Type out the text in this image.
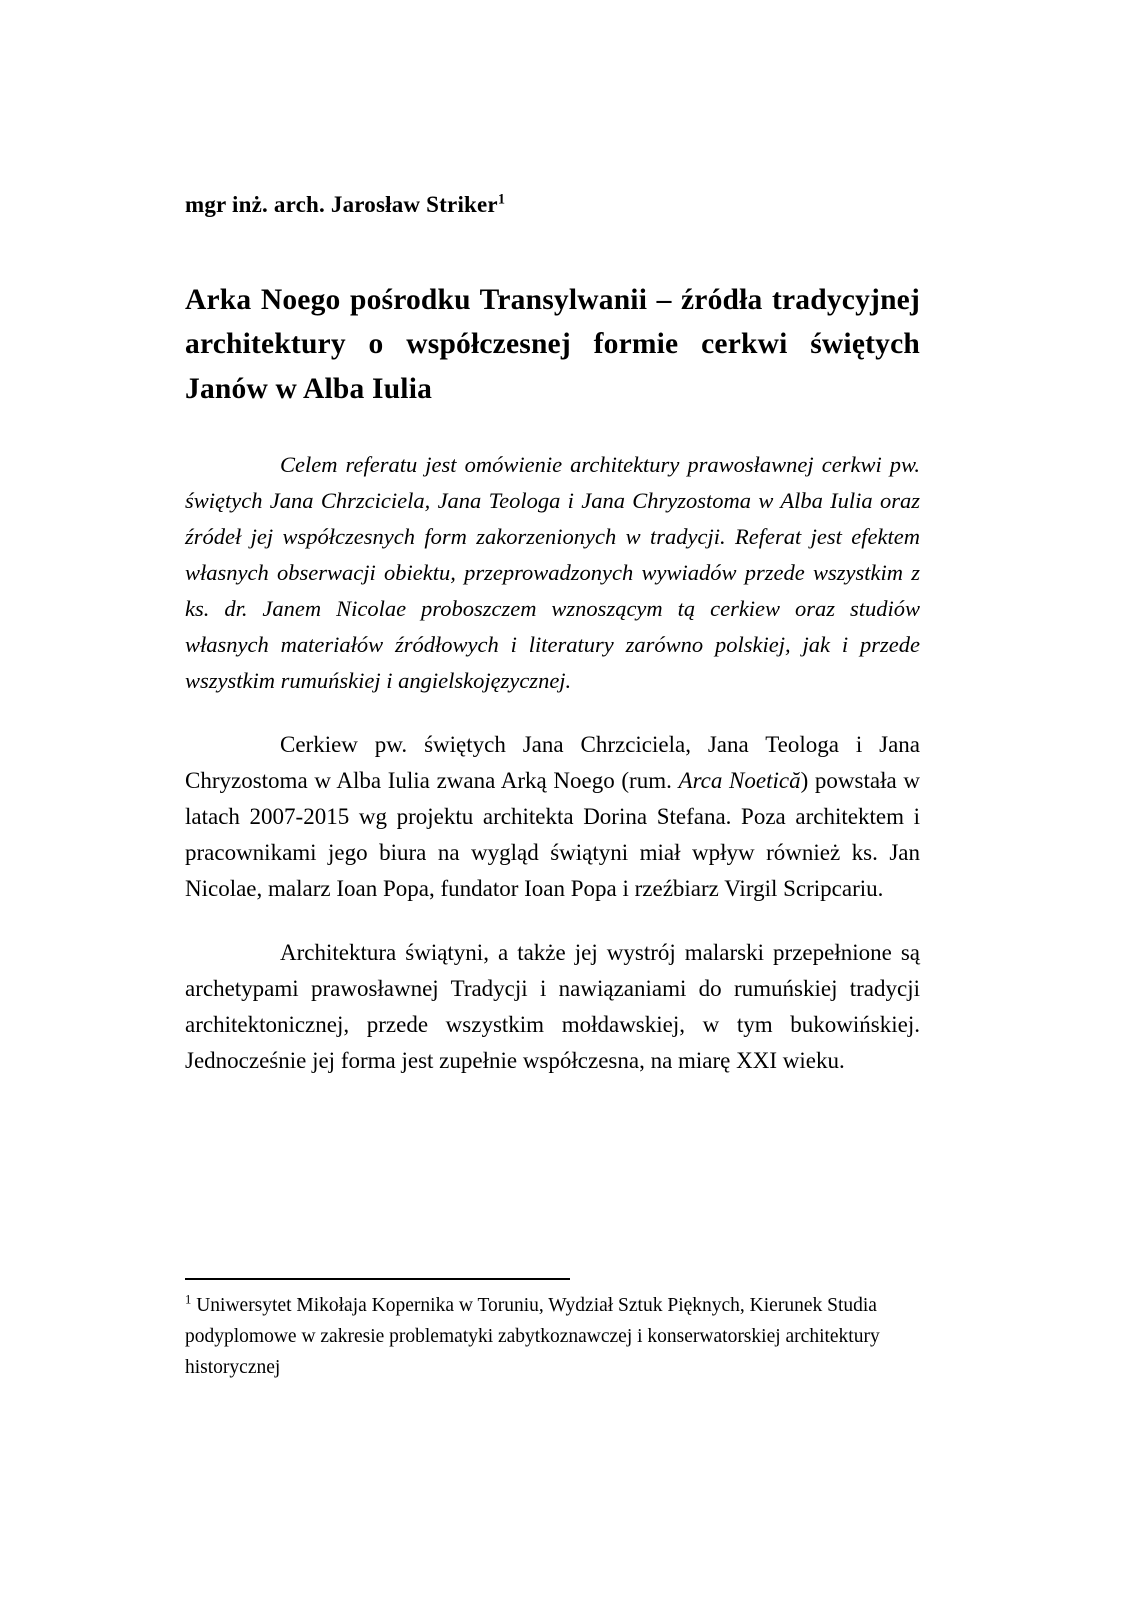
mgr inż. arch. Jarosław Striker$^1$

Arka Noego pośrodku Transylwanii – źródła tradycyjnej architektury o współczesnej formie cerkwi świętych Janów w Alba Iulia

Celem referatu jest omówienie architektury prawosławnej cerkwi pw. świętych Jana Chrzciciela, Jana Teologa i Jana Chryzostoma w Alba Iulia oraz źródeł jej współczesnych form zakorzenionych w tradycji. Referat jest efektem własnych obserwacji obiektu, przeprowadzonych wywiadów przede wszystkim z ks. dr. Janem Nicolae proboszczem wznoszącym tą cerkiew oraz studiów własnych materiałów źródłowych i literatury zarówno polskiej, jak i przede wszystkim rumuńskiej i angielskojęzycznej.

Cerkiew pw. świętych Jana Chrzciciela, Jana Teologa i Jana Chryzostoma w Alba Iulia zwana Arką Noego (rum. Arca Noetică) powstała w latach 2007-2015 wg projektu architekta Dorina Stefana. Poza architektem i pracownikami jego biura na wygląd świątyni miał wpływ również ks. Jan Nicolae, malarz Ioan Popa, fundator Ioan Popa i rzeźbiarz Virgil Scripcariu.

Architektura świątyni, a także jej wystrój malarski przepełnione są archetypami prawosławnej Tradycji i nawiązaniami do rumuńskiej tradycji architektonicznej, przede wszystkim mołdawskiej, w tym bukowińskiej. Jednocześnie jej forma jest zupełnie współczesna, na miarę XXI wieku.

$^1$ Uniwersytet Mikołaja Kopernika w Toruniu, Wydział Sztuk Pięknych, Kierunek Studia podyplomowe w zakresie problematyki zabytkoznawczej i konserwatorskiej architektury historycznej
